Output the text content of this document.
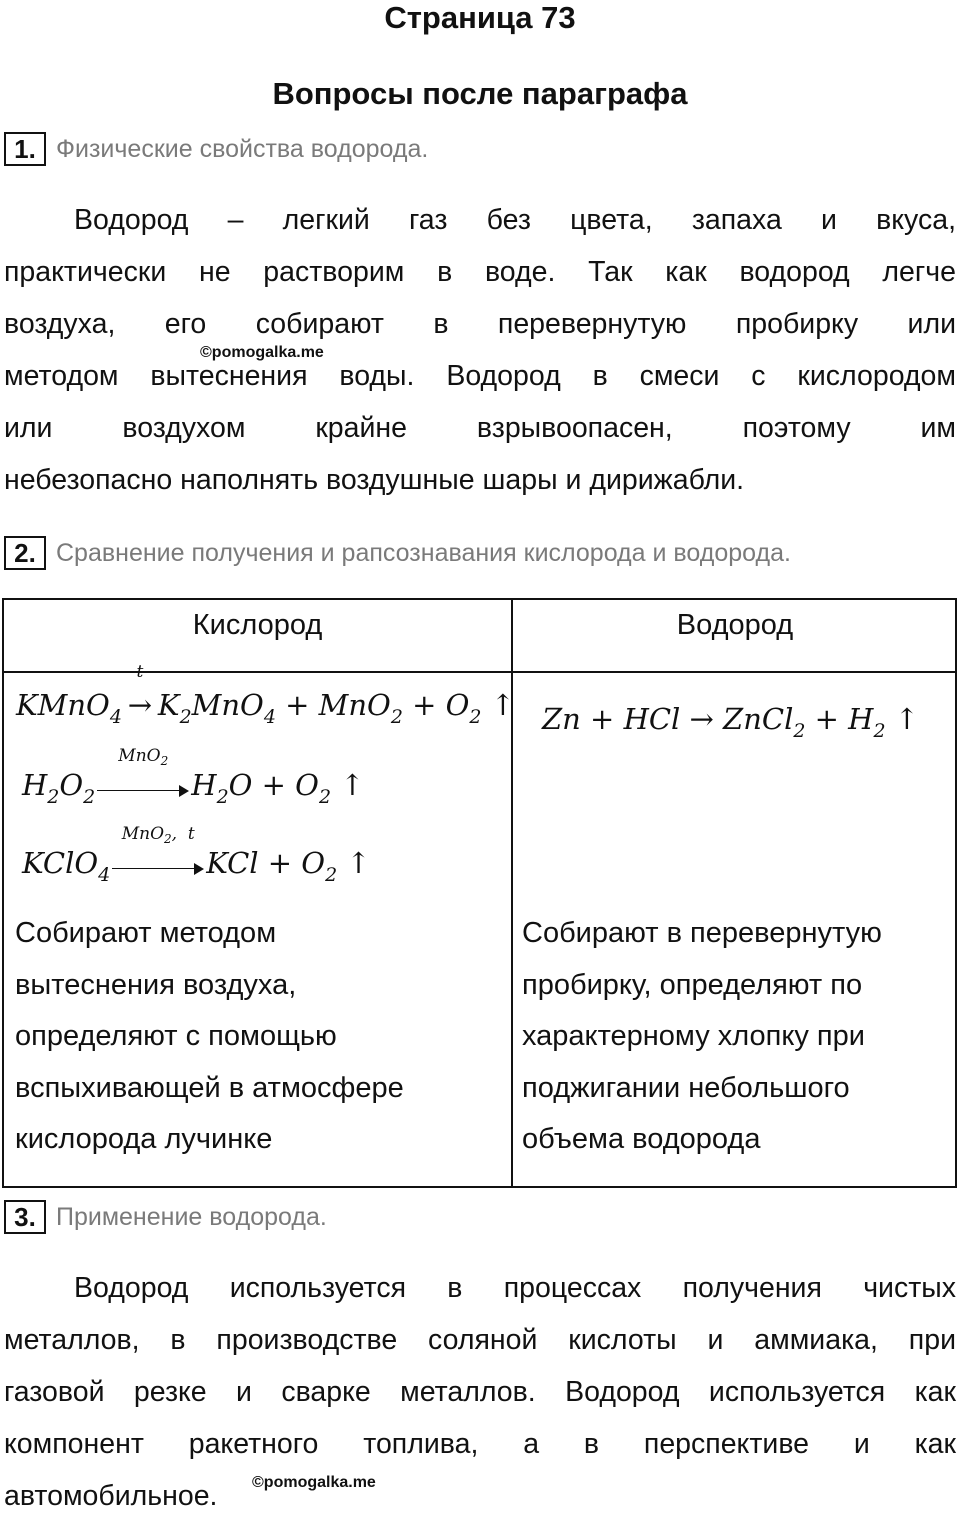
Страница 73
Вопросы после параграфа
1. Физические свойства водорода.
Водород – легкий газ без цвета, запаха и вкуса,
практически не растворим в воде. Так как водород легче
воздуха, его собирают в перевернутую пробирку или
методом вытеснения воды. Водород в смеси с кислородом
или воздухом крайне взрывоопасен, поэтому им
небезопасно наполнять воздушные шары и дирижабли.
©pomogalka.me
2. Сравнение получения и рапсознавания кислорода и водорода.
Кислород	Водород
KMnO$_4$
t
→ $K_2MnO_4 + MnO_2 + O_2$ ↑
$H_2O_2$
MnO$_2$
$H_2O + O_2$ ↑
KClO$_4$
MnO$_2$,  t
KCl + $O_2$ ↑
Zn + HCl → ZnCl$_2$ + $H_2$ ↑
Собирают методом
вытеснения воздуха,
определяют с помощью
вспыхивающей в атмосфере
кислорода лучинке
Собирают в перевернутую
пробирку, определяют по
характерному хлопку при
поджигании небольшого
объема водорода
3. Применение водорода.
Водород используется в процессах получения чистых
металлов, в производстве соляной кислоты и аммиака, при
газовой резке и сварке металлов. Водород используется как
компонент ракетного топлива, а в перспективе и как
автомобильное.	©pomogalka.me
